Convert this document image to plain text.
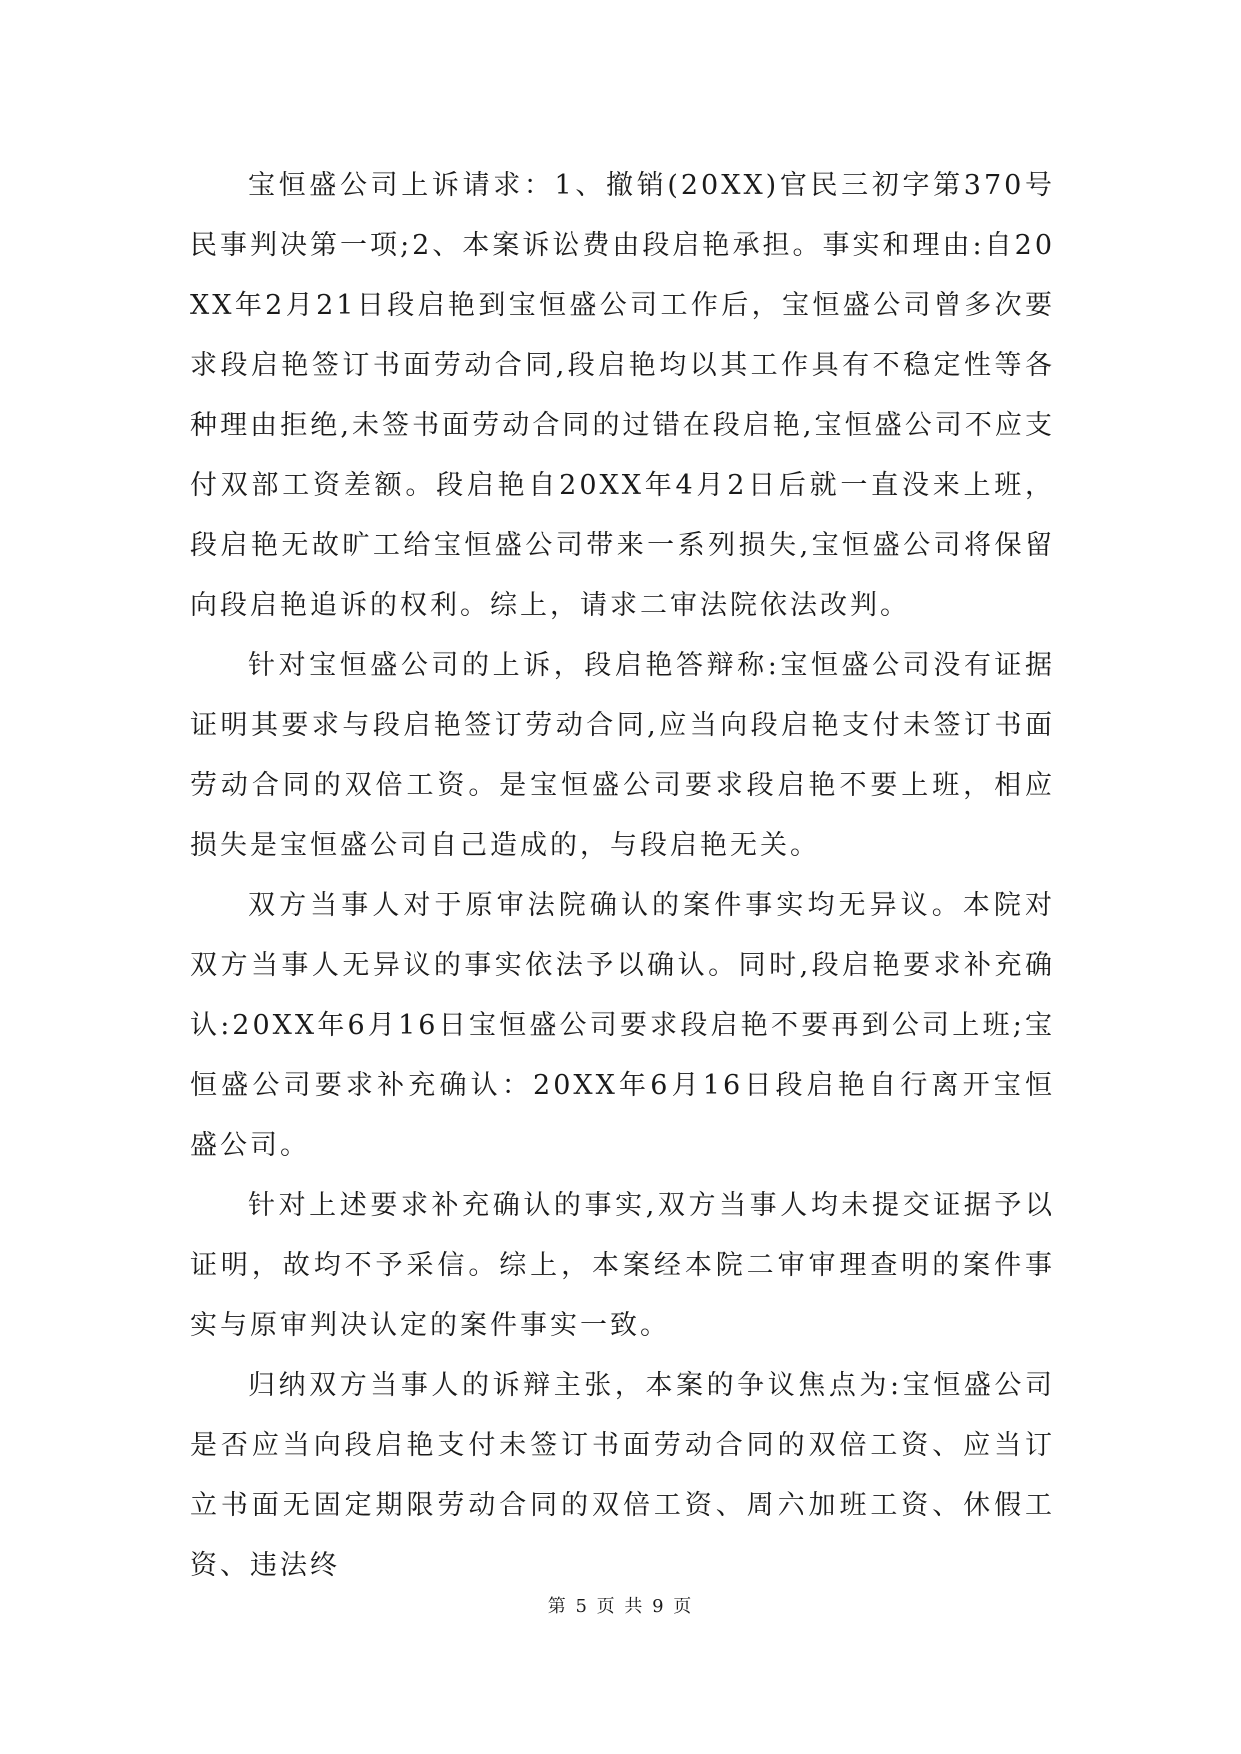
宝恒盛公司上诉请求：1、撤销(20XX)官民三初字第370号民事判决第一项;2、本案诉讼费由段启艳承担。事实和理由:自20XX年2月21日段启艳到宝恒盛公司工作后，宝恒盛公司曾多次要求段启艳签订书面劳动合同,段启艳均以其工作具有不稳定性等各种理由拒绝,未签书面劳动合同的过错在段启艳,宝恒盛公司不应支付双部工资差额。段启艳自20XX年4月2日后就一直没来上班，段启艳无故旷工给宝恒盛公司带来一系列损失,宝恒盛公司将保留向段启艳追诉的权利。综上，请求二审法院依法改判。

针对宝恒盛公司的上诉，段启艳答辩称:宝恒盛公司没有证据证明其要求与段启艳签订劳动合同,应当向段启艳支付未签订书面劳动合同的双倍工资。是宝恒盛公司要求段启艳不要上班，相应损失是宝恒盛公司自己造成的，与段启艳无关。

双方当事人对于原审法院确认的案件事实均无异议。本院对双方当事人无异议的事实依法予以确认。同时,段启艳要求补充确认:20XX年6月16日宝恒盛公司要求段启艳不要再到公司上班;宝恒盛公司要求补充确认：20XX年6月16日段启艳自行离开宝恒盛公司。

针对上述要求补充确认的事实,双方当事人均未提交证据予以证明，故均不予采信。综上，本案经本院二审审理查明的案件事实与原审判决认定的案件事实一致。

归纳双方当事人的诉辩主张，本案的争议焦点为:宝恒盛公司是否应当向段启艳支付未签订书面劳动合同的双倍工资、应当订立书面无固定期限劳动合同的双倍工资、周六加班工资、休假工资、违法终

第 5 页 共 9 页
